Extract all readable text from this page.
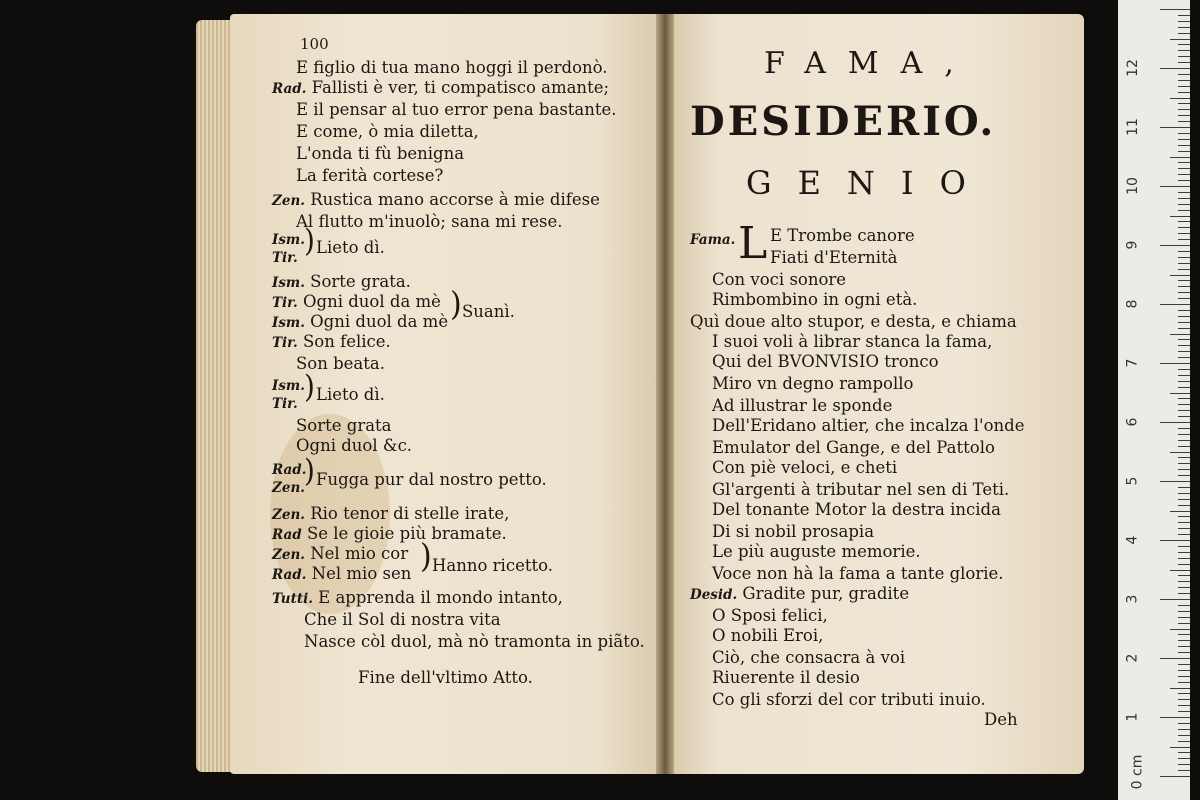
100
E figlio di tua mano hoggi il perdonò.
Rad. Fallisti è ver, ti compatisco amante;
E il pensar al tuo error pena bastante.
E come, ò mia diletta,
L'onda ti fù benigna
La ferità cortese?
Zen. Rustica mano accorse à mie difese
Al flutto m'inuolò; sana mi rese.
Ism.
Tir. ) Lieto dì.
Ism. Sorte grata.
Tir. Ogni duol da mè
Ism. Ogni duol da mè ) Suanì.
Tir. Son felice.
Son beata.
Ism.
Tir. ) Lieto dì.
Sorte grata
Ogni duol &c.
Rad.
Zen. ) Fugga pur dal nostro petto.
Zen. Rio tenor di stelle irate,
Rad Se le gioie più bramate.
Zen. Nel mio cor
Rad. Nel mio sen ) Hanno ricetto.
Tutti. E apprenda il mondo intanto,
Che il Sol di nostra vita
Nasce còl duol, mà nò tramonta in piãto.
Fine dell'vltimo Atto.
FAMA,
DESIDERIO.
GENIO
Fama. L E Trombe canore
Fiati d'Eternità
Con voci sonore
Rimbombino in ogni età.
Quì doue alto stupor, e desta, e chiama
I suoi voli à librar stanca la fama,
Qui del BVONVISIO tronco
Miro vn degno rampollo
Ad illustrar le sponde
Dell'Eridano altier, che incalza l'onde
Emulator del Gange, e del Pattolo
Con piè veloci, e cheti
Gl'argenti à tributar nel sen di Teti.
Del tonante Motor la destra incida
Di si nobil prosapia
Le più auguste memorie.
Voce non hà la fama a tante glorie.
Desid. Gradite pur, gradite
O Sposi felici,
O nobili Eroi,
Ciò, che consacra à voi
Riuerente il desio
Co gli sforzi del cor tributi inuio.
Deh
0 cm
1
2
3
4
5
6
7
8
9
10
11
12
